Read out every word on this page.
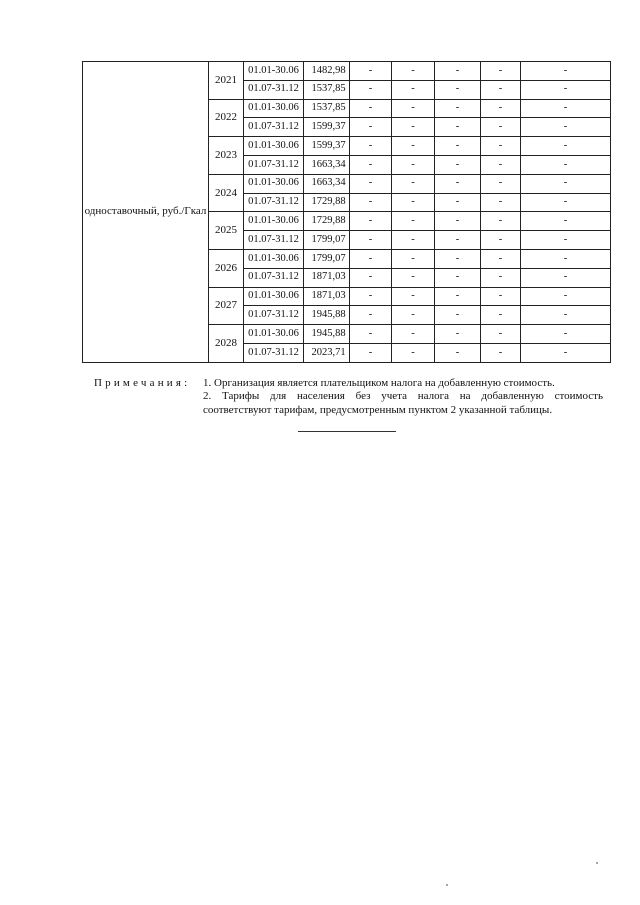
одноставочный, руб./Гкал	2021	01.01-30.06	1482,98	-	-	-	-	-
		01.07-31.12	1537,85	-	-	-	-	-
	2022	01.01-30.06	1537,85	-	-	-	-	-
		01.07-31.12	1599,37	-	-	-	-	-
	2023	01.01-30.06	1599,37	-	-	-	-	-
		01.07-31.12	1663,34	-	-	-	-	-
	2024	01.01-30.06	1663,34	-	-	-	-	-
		01.07-31.12	1729,88	-	-	-	-	-
	2025	01.01-30.06	1729,88	-	-	-	-	-
		01.07-31.12	1799,07	-	-	-	-	-
	2026	01.01-30.06	1799,07	-	-	-	-	-
		01.07-31.12	1871,03	-	-	-	-	-
	2027	01.01-30.06	1871,03	-	-	-	-	-
		01.07-31.12	1945,88	-	-	-	-	-
	2028	01.01-30.06	1945,88	-	-	-	-	-
		01.07-31.12	2023,71	-	-	-	-	-
Примечания: 1. Организация является плательщиком налога на добавленную стоимость.
2. Тарифы для населения без учета налога на добавленную стоимость
соответствуют тарифам, предусмотренным пунктом 2 указанной таблицы.
